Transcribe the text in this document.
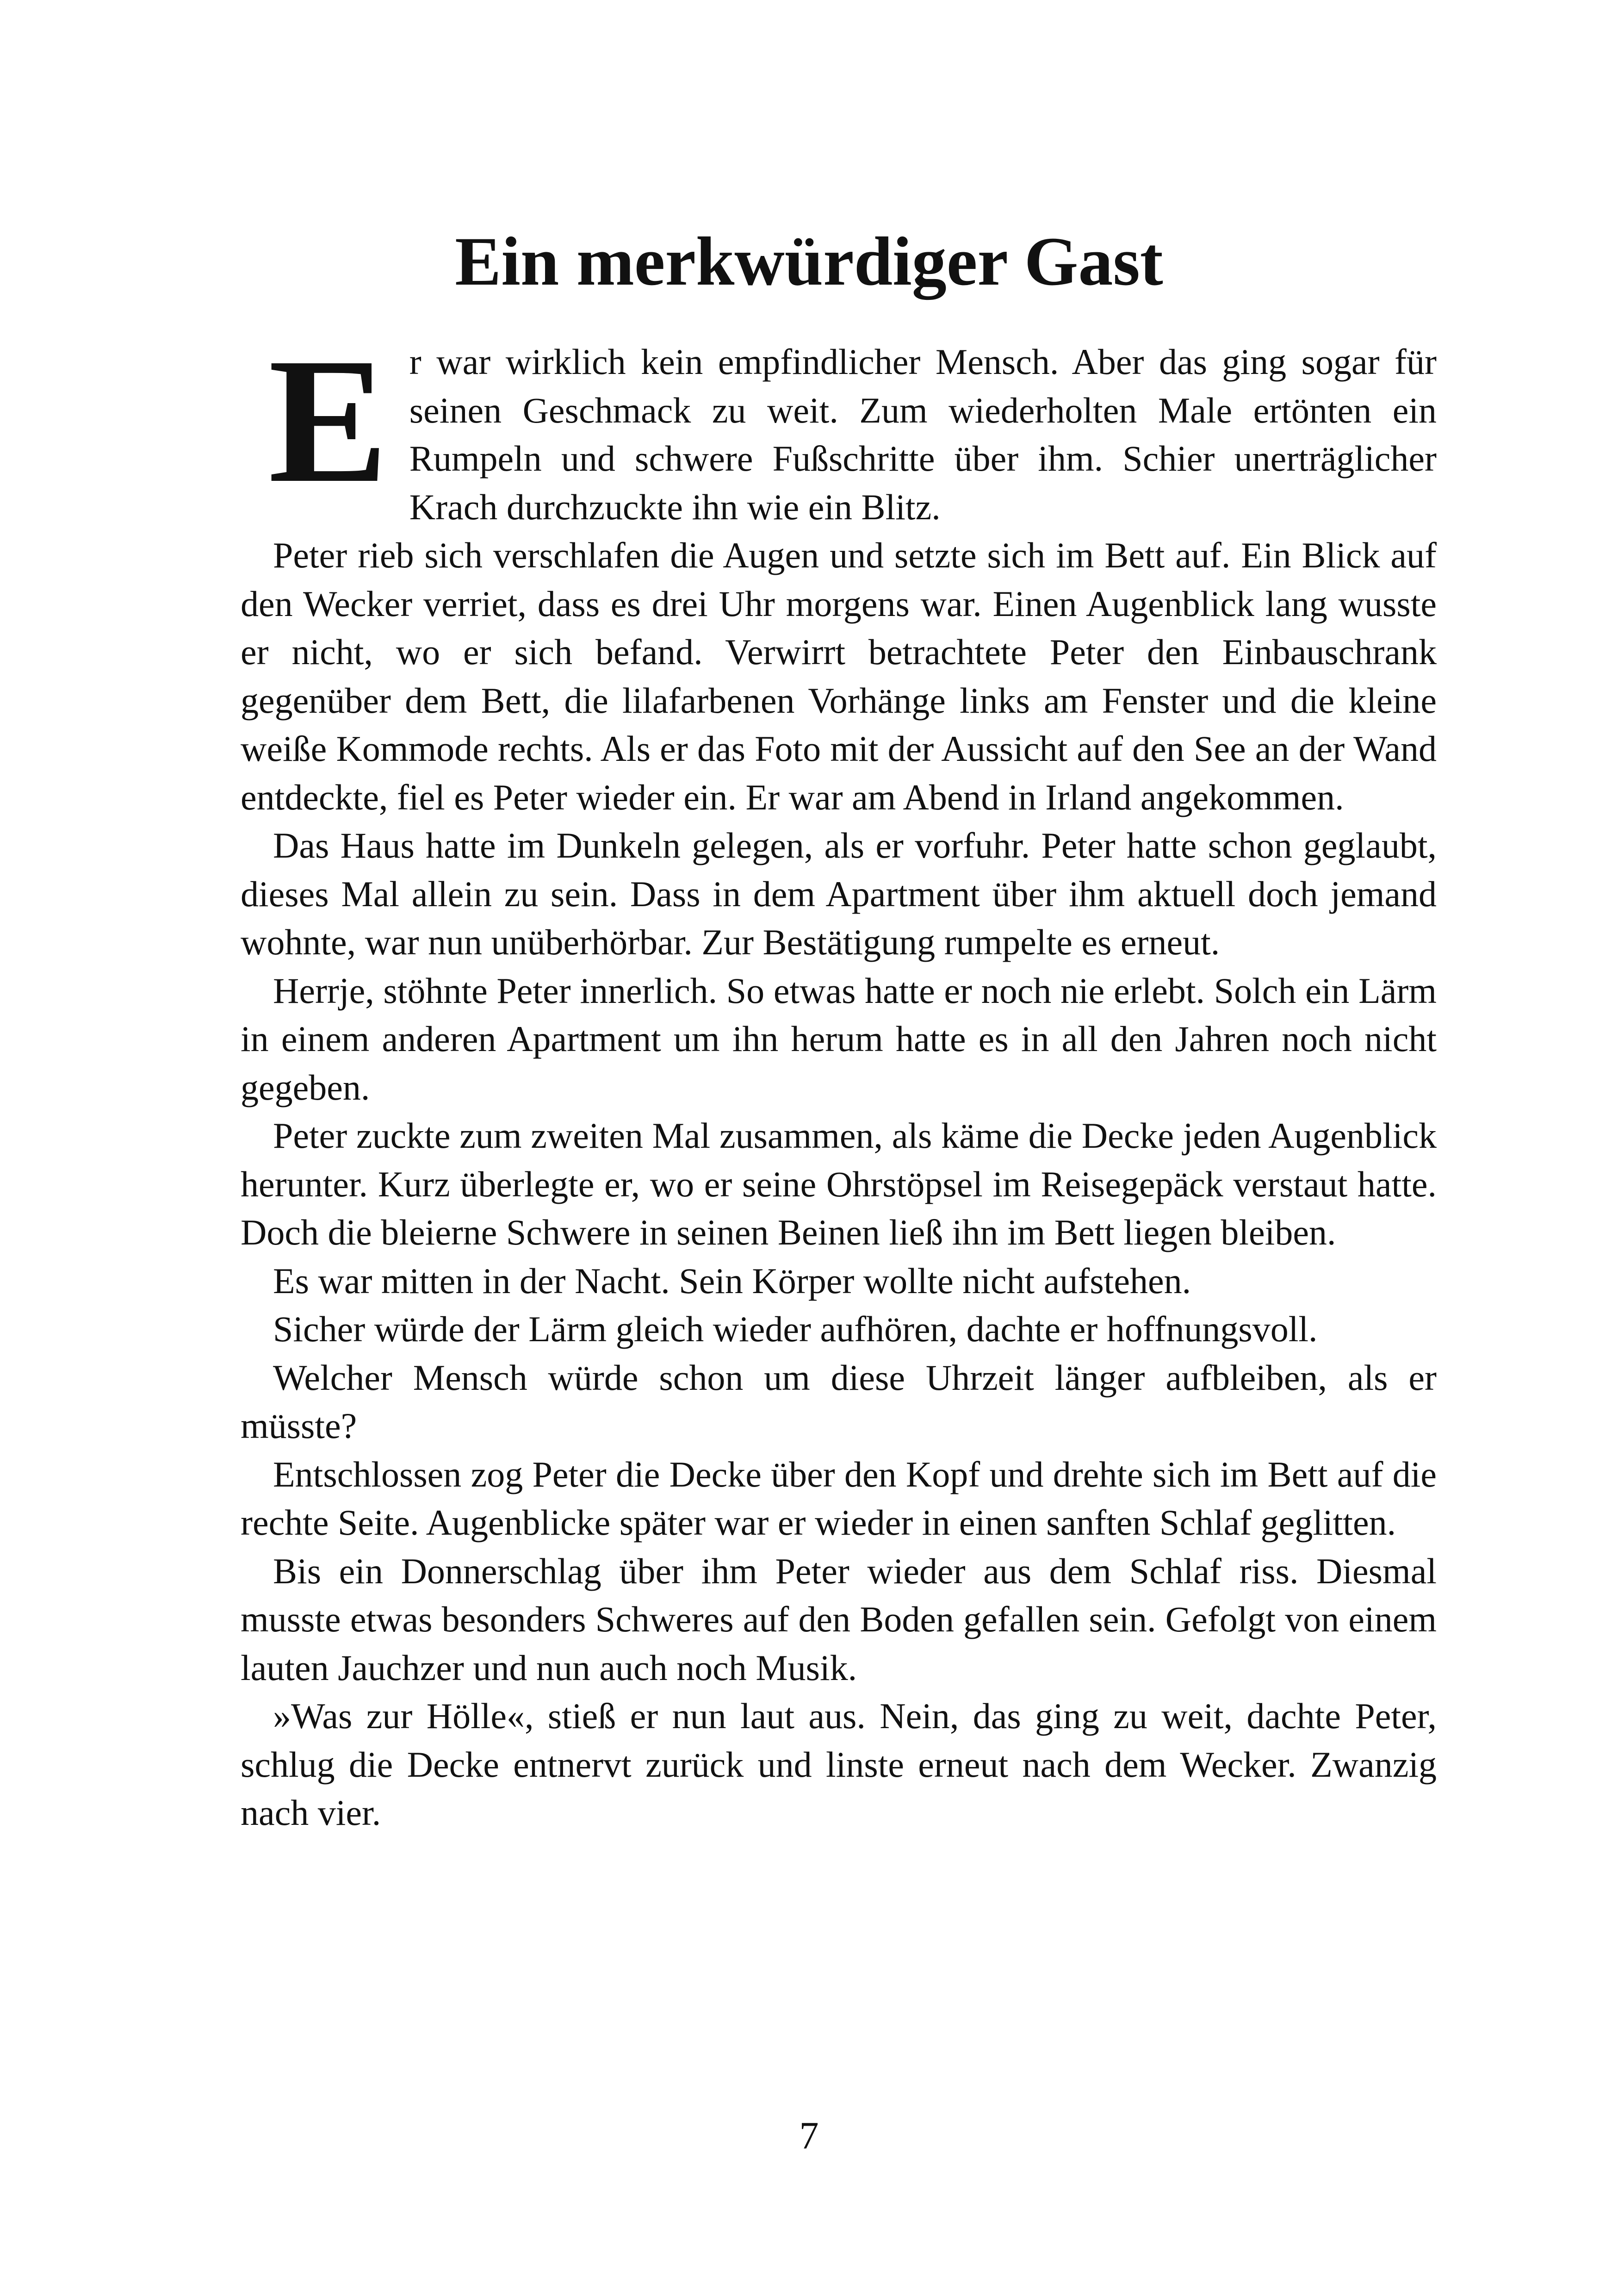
Ein merkwürdiger Gast

Er war wirklich kein empfindlicher Mensch. Aber das ging sogar für seinen Geschmack zu weit. Zum wiederholten Male ertönten ein Rumpeln und schwere Fußschritte über ihm. Schier unerträglicher Krach durchzuckte ihn wie ein Blitz.

Peter rieb sich verschlafen die Augen und setzte sich im Bett auf. Ein Blick auf den Wecker verriet, dass es drei Uhr morgens war. Einen Augenblick lang wusste er nicht, wo er sich befand. Verwirrt betrachtete Peter den Einbauschrank gegenüber dem Bett, die lilafarbenen Vorhänge links am Fenster und die kleine weiße Kommode rechts. Als er das Foto mit der Aussicht auf den See an der Wand entdeckte, fiel es Peter wieder ein. Er war am Abend in Irland angekommen.

Das Haus hatte im Dunkeln gelegen, als er vorfuhr. Peter hatte schon geglaubt, dieses Mal allein zu sein. Dass in dem Apartment über ihm aktuell doch jemand wohnte, war nun unüberhörbar. Zur Bestätigung rumpelte es erneut.

Herrje, stöhnte Peter innerlich. So etwas hatte er noch nie erlebt. Solch ein Lärm in einem anderen Apartment um ihn herum hatte es in all den Jahren noch nicht gegeben.

Peter zuckte zum zweiten Mal zusammen, als käme die Decke jeden Augenblick herunter. Kurz überlegte er, wo er seine Ohrstöpsel im Reisegepäck verstaut hatte. Doch die bleierne Schwere in seinen Beinen ließ ihn im Bett liegen bleiben.

Es war mitten in der Nacht. Sein Körper wollte nicht aufstehen.

Sicher würde der Lärm gleich wieder aufhören, dachte er hoffnungsvoll.

Welcher Mensch würde schon um diese Uhrzeit länger aufbleiben, als er müsste?

Entschlossen zog Peter die Decke über den Kopf und drehte sich im Bett auf die rechte Seite. Augenblicke später war er wieder in einen sanften Schlaf geglitten.

Bis ein Donnerschlag über ihm Peter wieder aus dem Schlaf riss. Diesmal musste etwas besonders Schweres auf den Boden gefallen sein. Gefolgt von einem lauten Jauchzer und nun auch noch Musik.

»Was zur Hölle«, stieß er nun laut aus. Nein, das ging zu weit, dachte Peter, schlug die Decke entnervt zurück und linste erneut nach dem Wecker. Zwanzig nach vier.

7
